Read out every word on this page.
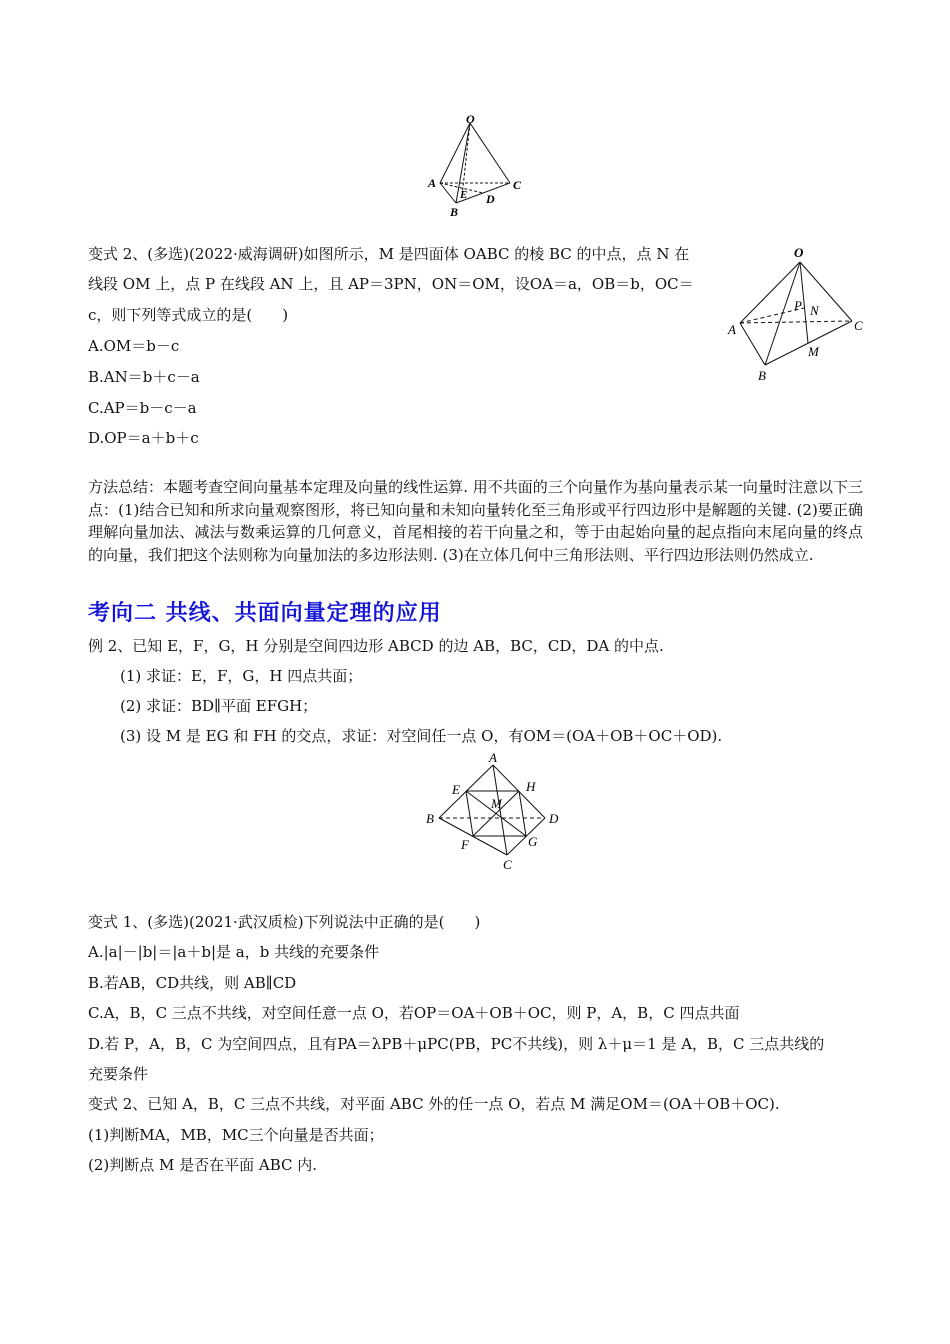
O
A
B
C
D
E
变式 2、(多选)(2022·威海调研)如图所示，M 是四面体 OABC 的棱 BC 的中点，点 N 在
线段 OM 上，点 P 在线段 AN 上，且 AP＝3PN，ON＝OM，设OA＝a，OB＝b，OC＝
c，则下列等式成立的是(　　)
A.OM＝b－c
B.AN＝b＋c－a
C.AP＝b－c－a
D.OP＝a＋b＋c
O
A
B
C
P N
M
方法总结：本题考查空间向量基本定理及向量的线性运算. 用不共面的三个向量作为基向量表示某一向量时注意以下三点：(1)结合已知和所求向量观察图形，将已知向量和未知向量转化至三角形或平行四边形中是解题的关键. (2)要正确理解向量加法、减法与数乘运算的几何意义，首尾相接的若干向量之和，等于由起始向量的起点指向末尾向量的终点的向量，我们把这个法则称为向量加法的多边形法则. (3)在立体几何中三角形法则、平行四边形法则仍然成立.
考向二 共线、共面向量定理的应用
例 2、已知 E，F，G，H 分别是空间四边形 ABCD 的边 AB，BC，CD，DA 的中点.
(1) 求证：E，F，G，H 四点共面；
(2) 求证：BD∥平面 EFGH；
(3) 设 M 是 EG 和 FH 的交点，求证：对空间任一点 O，有OM＝(OA＋OB＋OC＋OD).
A
B
C
D
E
F	G
H
M
变式 1、(多选)(2021·武汉质检)下列说法中正确的是(　　)
A.|a|－|b|＝|a＋b|是 a，b 共线的充要条件
B.若AB，CD共线，则 AB∥CD
C.A，B，C 三点不共线，对空间任意一点 O，若OP＝OA＋OB＋OC，则 P，A，B，C 四点共面
D.若 P，A，B，C 为空间四点，且有PA＝λPB＋μPC(PB，PC不共线)，则 λ＋μ＝1 是 A，B，C 三点共线的
充要条件
变式 2、已知 A，B，C 三点不共线，对平面 ABC 外的任一点 O，若点 M 满足OM＝(OA＋OB＋OC).
(1)判断MA，MB，MC三个向量是否共面；
(2)判断点 M 是否在平面 ABC 内.
